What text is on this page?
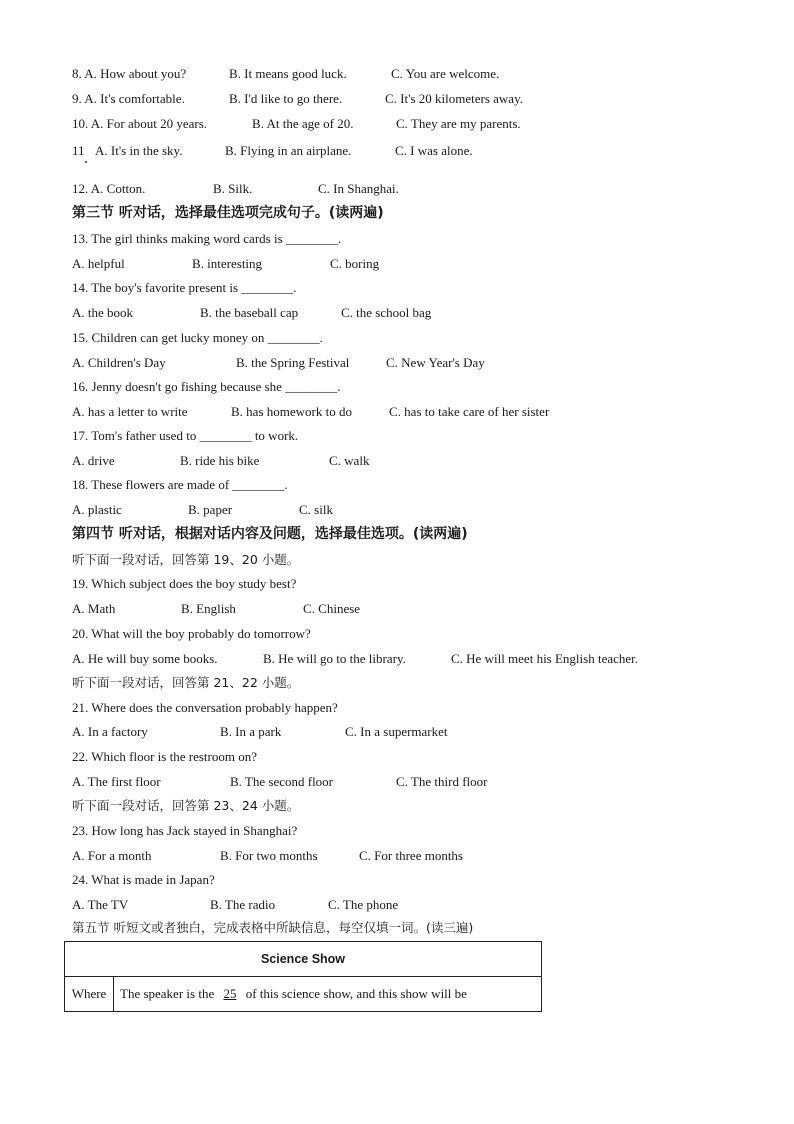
8. A. How about you?	B. It means good luck.	C. You are welcome.
9. A. It's comfortable.	B. I'd like to go there.	C. It's 20 kilometers away.
10. A. For about 20 years.	B. At the age of 20.	C. They are my parents.
11 A. It's in the sky.	B. Flying in an airplane.	C. I was alone.
12. A. Cotton.	B. Silk.	C. In Shanghai.
第三节 听对话，选择最佳选项完成句子。(读两遍)
13. The girl thinks making word cards is ________.
A. helpful	B. interesting	C. boring
14. The boy's favorite present is ________.
A. the book	B. the baseball cap	C. the school bag
15. Children can get lucky money on ________.
A. Children's Day	B. the Spring Festival	C. New Year's Day
16. Jenny doesn't go fishing because she ________.
A. has a letter to write	B. has homework to do	C. has to take care of her sister
17. Tom's father used to ________ to work.
A. drive	B. ride his bike	C. walk
18. These flowers are made of ________.
A. plastic	B. paper	C. silk
第四节 听对话，根据对话内容及问题，选择最佳选项。(读两遍)
听下面一段对话，回答第 19、20 小题。
19. Which subject does the boy study best?
A. Math	B. English	C. Chinese
20. What will the boy probably do tomorrow?
A. He will buy some books.	B. He will go to the library.	C. He will meet his English teacher.
听下面一段对话，回答第 21、22 小题。
21. Where does the conversation probably happen?
A. In a factory	B. In a park	C. In a supermarket
22. Which floor is the restroom on?
A. The first floor	B. The second floor	C. The third floor
听下面一段对话，回答第 23、24 小题。
23. How long has Jack stayed in Shanghai?
A. For a month	B. For two months	C. For three months
24. What is made in Japan?
A. The TV	B. The radio	C. The phone
第五节 听短文或者独白，完成表格中所缺信息，每空仅填一词。(读三遍)
Science Show
Where	The speaker is the 25 of this science show, and this show will be
